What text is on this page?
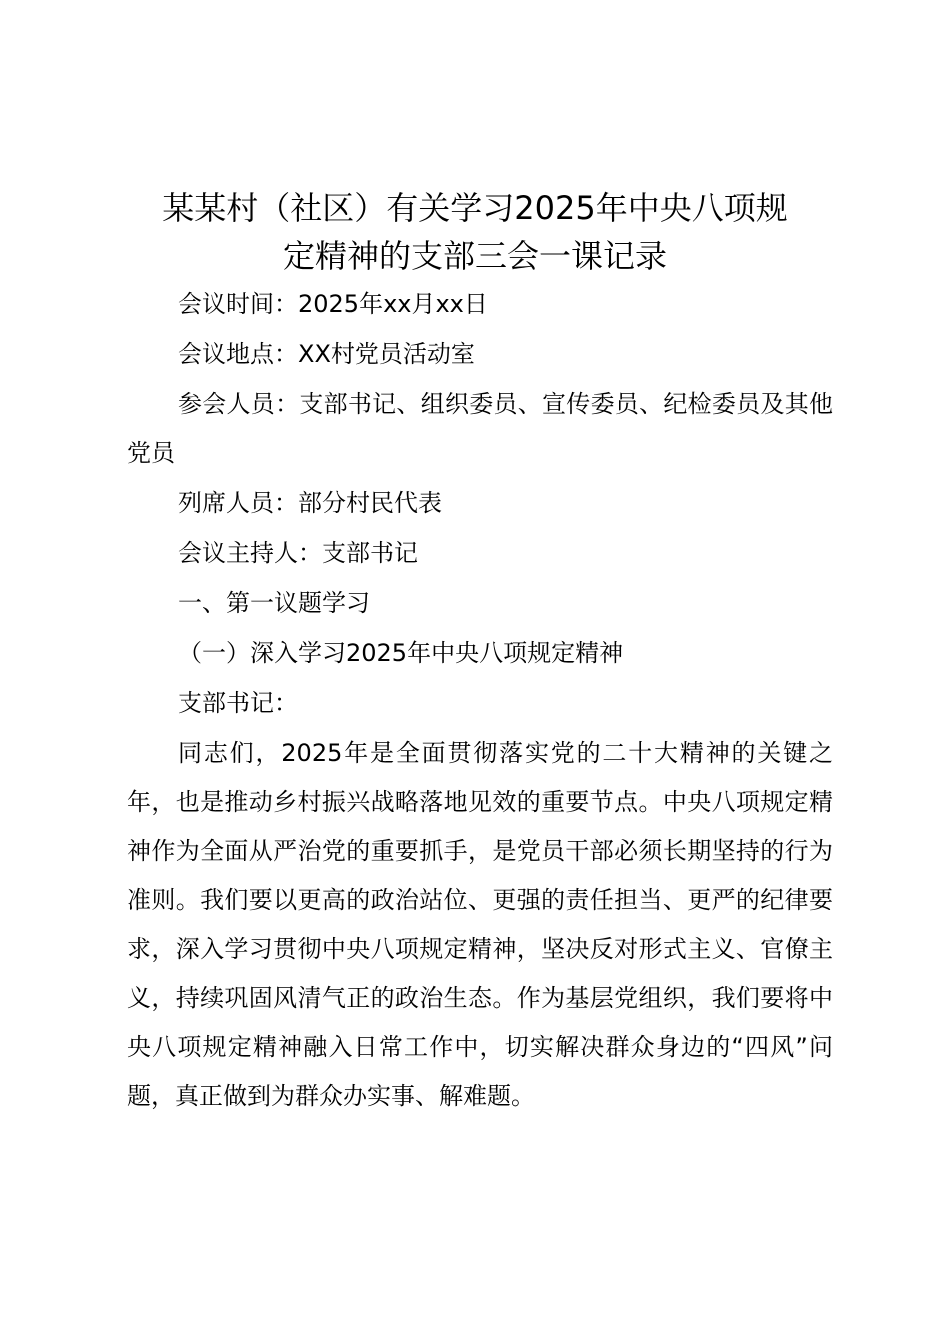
某某村（社区）有关学习2025年中央八项规
定精神的支部三会一课记录

会议时间：2025年xx月xx日

会议地点：XX村党员活动室

参会人员：支部书记、组织委员、宣传委员、纪检委员及其他党员

列席人员：部分村民代表

会议主持人：支部书记

一、第一议题学习

（一）深入学习2025年中央八项规定精神

支部书记：

同志们，2025年是全面贯彻落实党的二十大精神的关键之年，也是推动乡村振兴战略落地见效的重要节点。中央八项规定精神作为全面从严治党的重要抓手，是党员干部必须长期坚持的行为准则。我们要以更高的政治站位、更强的责任担当、更严的纪律要求，深入学习贯彻中央八项规定精神，坚决反对形式主义、官僚主义，持续巩固风清气正的政治生态。作为基层党组织，我们要将中央八项规定精神融入日常工作中，切实解决群众身边的“四风”问题，真正做到为群众办实事、解难题。
